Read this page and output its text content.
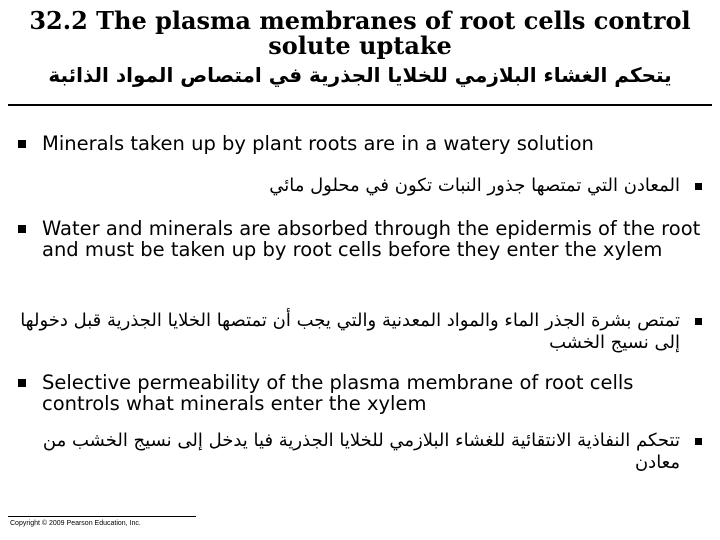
32.2 The plasma membranes of root cells control solute uptake
يتحكم الغشاء البلازمي للخلايا الجذرية في امتصاص المواد الذائبة
Minerals taken up by plant roots are in a watery solution
المعادن التي تمتصها جذور النبات تكون في محلول مائي
Water and minerals are absorbed through the epidermis of the root and must be taken up by root cells before they enter the xylem
تمتص بشرة الجذر الماء والمواد المعدنية والتي يجب أن تمتصها الخلايا الجذرية قبل دخولها إلى نسيج الخشب
Selective permeability of the plasma membrane of root cells controls what minerals enter the xylem
تتحكم النفاذية الانتقائية للغشاء البلازمي للخلايا الجذرية فيا يدخل إلى نسيج الخشب من معادن
Copyright © 2009 Pearson Education, Inc.
